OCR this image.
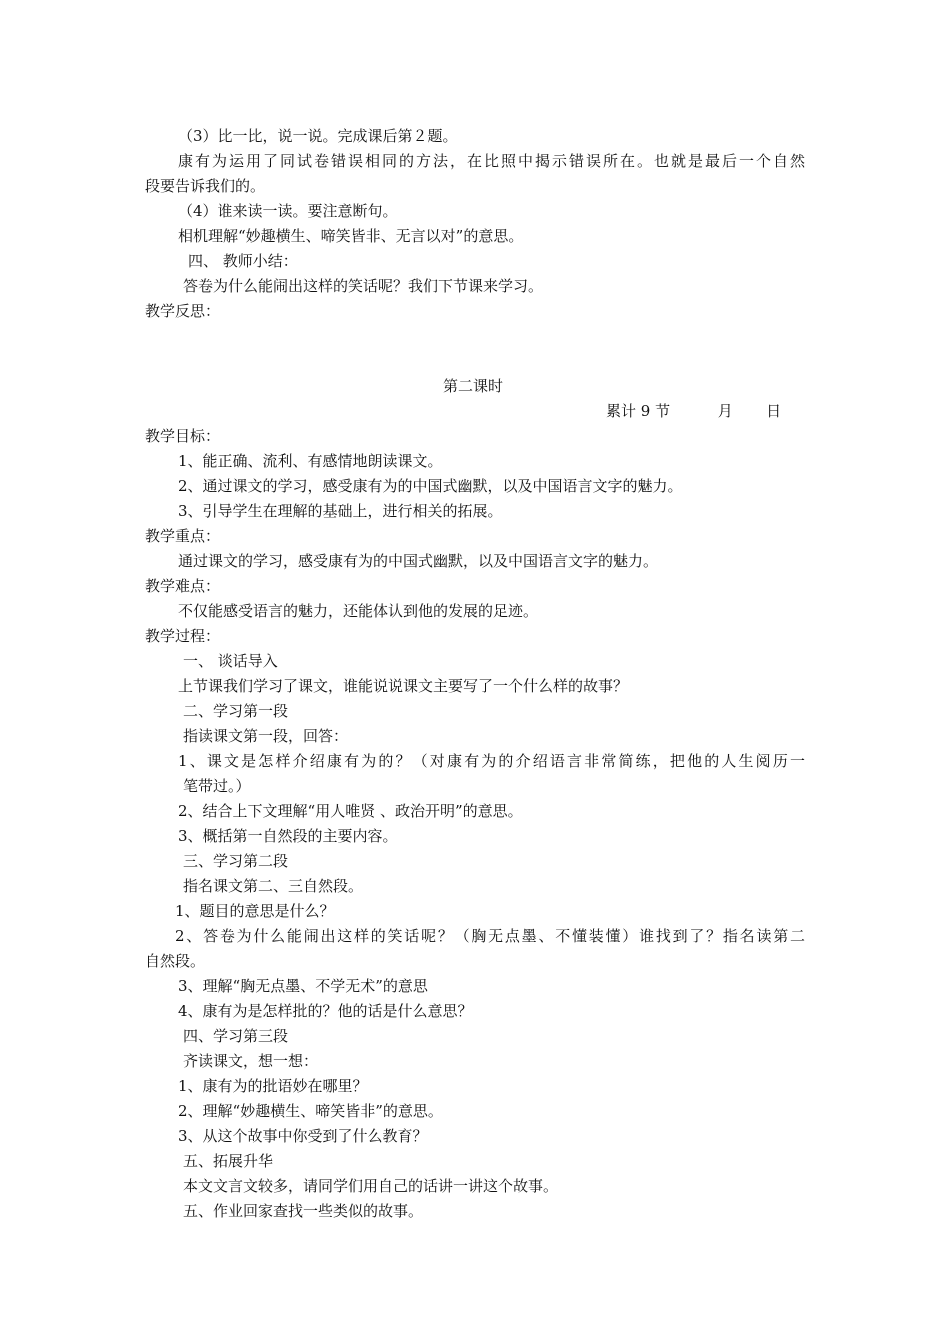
（3）比一比，说一说。完成课后第２题。
康有为运用了同试卷错误相同的方法，在比照中揭示错误所在。也就是最后一个自然
段要告诉我们的。
（4）谁来读一读。要注意断句。
相机理解“妙趣横生、啼笑皆非、无言以对”的意思。
四、 教师小结：
答卷为什么能闹出这样的笑话呢？我们下节课来学习。
教学反思：
第二课时
累计 9 节          月       日
教学目标：
1、能正确、流利、有感情地朗读课文。
2、通过课文的学习，感受康有为的中国式幽默，以及中国语言文字的魅力。
3、引导学生在理解的基础上，进行相关的拓展。
教学重点：
通过课文的学习，感受康有为的中国式幽默，以及中国语言文字的魅力。
教学难点：
不仅能感受语言的魅力，还能体认到他的发展的足迹。
教学过程：
一、 谈话导入
上节课我们学习了课文，谁能说说课文主要写了一个什么样的故事？
二、学习第一段
指读课文第一段，回答：
1、课文是怎样介绍康有为的？（对康有为的介绍语言非常简练，把他的人生阅历一
笔带过。）
2、结合上下文理解“用人唯贤 、政治开明”的意思。
3、概括第一自然段的主要内容。
三、学习第二段
指名课文第二、三自然段。
1、题目的意思是什么？
2、答卷为什么能闹出这样的笑话呢？（胸无点墨、不懂装懂）谁找到了？指名读第二
自然段。
3、理解“胸无点墨、不学无术”的意思
4、康有为是怎样批的？他的话是什么意思？
四、学习第三段
齐读课文，想一想：
1、康有为的批语妙在哪里？
2、理解“妙趣横生、啼笑皆非”的意思。
3、从这个故事中你受到了什么教育？
五、拓展升华
本文文言文较多，请同学们用自己的话讲一讲这个故事。
五、作业回家查找一些类似的故事。
